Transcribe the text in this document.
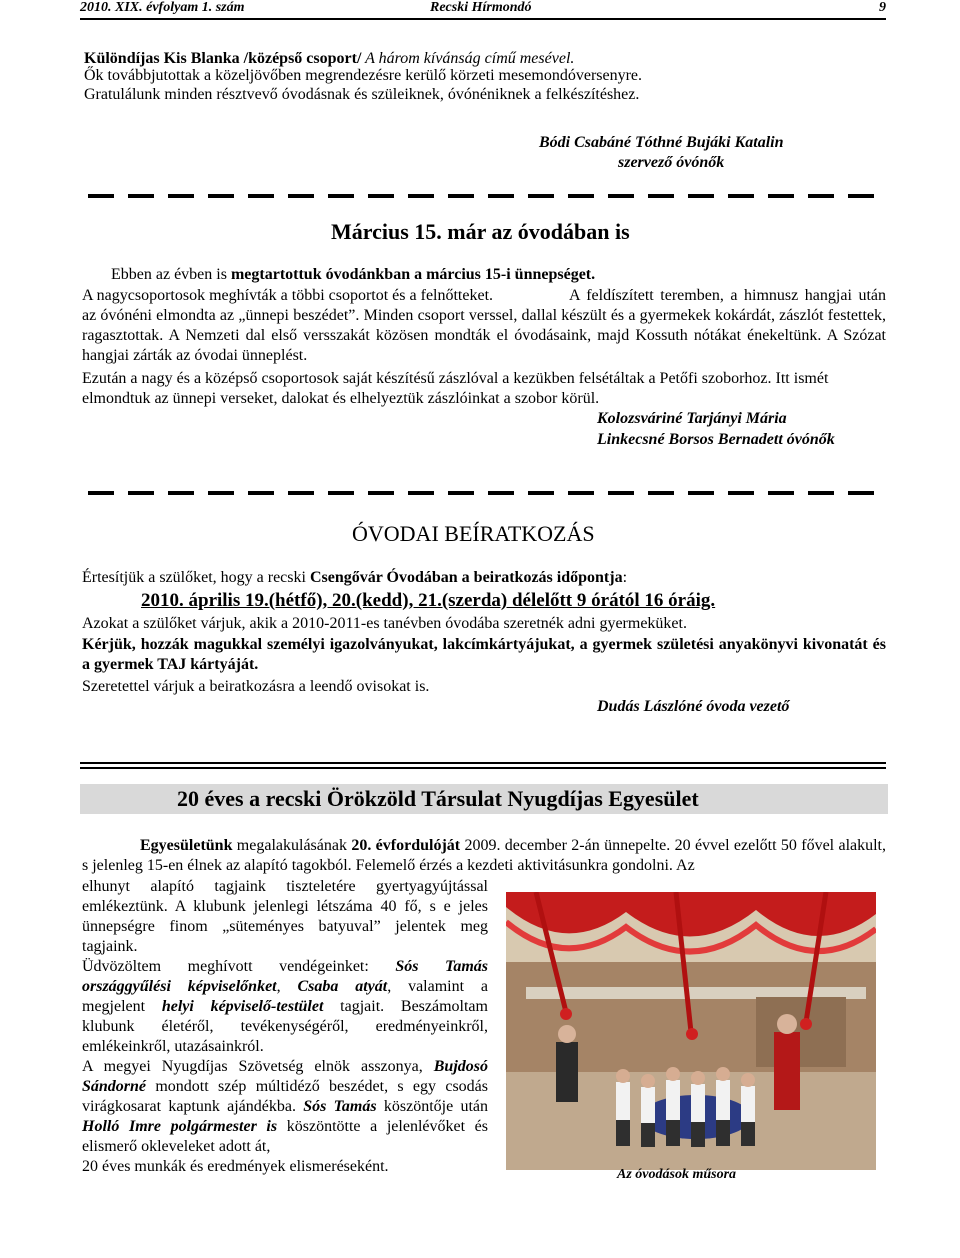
2010. XIX. évfolyam 1. szám	Recski Hírmondó	9
Különdíjas Kis Blanka /középső csoport/ A három kívánság című mesével.
Ők továbbjutottak a közeljövőben megrendezésre kerülő körzeti mesemondóversenyre.
Gratulálunk minden résztvevő óvodásnak és szüleiknek, óvónéniknek a felkészítéshez.
Bódi Csabáné Tóthné Bujáki Katalin
szervező óvónők
Március 15. már az óvodában is
Ebben az évben is megtartottuk óvodánkban a március 15-i ünnepséget.
A nagycsoportosok meghívták a többi csoportot és a felnőtteket.	A feldíszített teremben, a himnusz hangjai után az óvónéni elmondta az „ünnepi beszédet”. Minden csoport verssel, dallal készült és a gyermekek kokárdát, zászlót festettek, ragasztottak. A Nemzeti dal első versszakát közösen mondták el óvodásaink, majd Kossuth nótákat énekeltünk. A Szózat hangjai zárták az óvodai ünneplést.
Ezután a nagy és a középső csoportosok saját készítésű zászlóval a kezükben felsétáltak a Petőfi szoborhoz. Itt ismét elmondtuk az ünnepi verseket, dalokat és elhelyeztük zászlóinkat a szobor körül.
Kolozsváriné Tarjányi Mária
Linkecsné Borsos Bernadett óvónők
ÓVODAI BEÍRATKOZÁS
Értesítjük a szülőket, hogy a recski Csengővár Óvodában a beiratkozás időpontja:
2010. április 19.(hétfő), 20.(kedd), 21.(szerda) délelőtt 9 órától 16 óráig.
Azokat a szülőket várjuk, akik a 2010-2011-es tanévben óvodába szeretnék adni gyermeküket.
Kérjük, hozzák magukkal személyi igazolványukat, lakcímkártyájukat, a gyermek születési anyakönyvi kivonatát és a gyermek TAJ kártyáját.
Szeretettel várjuk a beiratkozásra a leendő ovisokat is.
Dudás Lászlóné óvoda vezető
20 éves a recski Örökzöld Társulat Nyugdíjas Egyesület
Egyesületünk megalakulásának 20. évfordulóját 2009. december 2-án ünnepelte. 20 évvel ezelőtt 50 fővel alakult, s jelenleg 15-en élnek az alapító tagokból. Felemelő érzés a kezdeti aktivitásunkra gondolni. Az
elhunyt alapító tagjaink tiszteletére gyertyagyújtással emlékeztünk. A klubunk jelenlegi létszáma 40 fő, s e jeles ünnepségre finom „süteményes batyuval” jelentek meg tagjaink.
Üdvözöltem meghívott vendégeinket: Sós Tamás országgyűlési képviselőnket, Csaba atyát, valamint a megjelent helyi képviselő-testület tagjait. Beszámoltam klubunk életéről, tevékenységéről, eredményeinkről, emlékeinkről, utazásainkról.
A megyei Nyugdíjas Szövetség elnök asszonya, Bujdosó Sándorné mondott szép múltidéző beszédet, s egy csodás virágkosarat kaptunk ajándékba. Sós Tamás köszöntője után Holló Imre polgármester is köszöntötte a jelenlévőket és elismerő okleveleket adott át,
20 éves munkák és eredmények elismeréseként.	Az óvodások műsora
